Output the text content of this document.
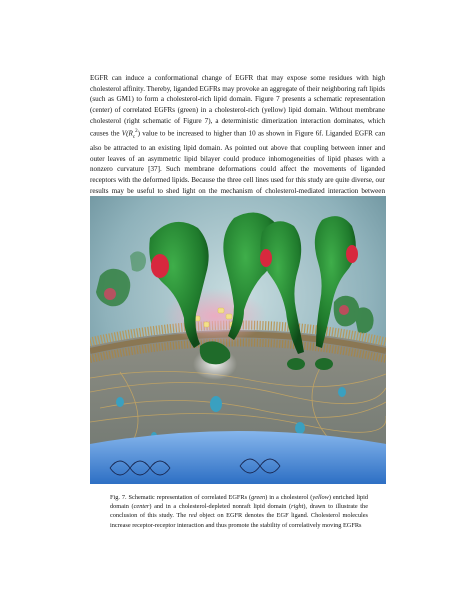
EGFR can induce a conformational change of EGFR that may expose some residues with high cholesterol affinity. Thereby, liganded EGFRs may provoke an aggregate of their neighboring raft lipids (such as GM1) to form a cholesterol-rich lipid domain. Figure 7 presents a schematic representation (center) of correlated EGFRs (green) in a cholesterol-rich (yellow) lipid domain. Without membrane cholesterol (right schematic of Figure 7), a deterministic dimerization interaction dominates, which causes the $V(R_c^2)$ value to be increased to higher than 10 as shown in Figure 6f. Liganded EGFR can also be attracted to an existing lipid domain. As pointed out above that coupling between inner and outer leaves of an asymmetric lipid bilayer could produce inhomogeneities of lipid phases with a nonzero curvature [37]. Such membrane deformations could affect the movements of liganded receptors with the deformed lipids. Because the three cell lines used for this study are quite diverse, our results may be useful to shed light on the mechanism of cholesterol-mediated interaction between

Fig. 7. Schematic representation of correlated EGFRs (green) in a cholesterol (yellow) enriched lipid domain (center) and in a cholesterol-depleted nonraft lipid domain (right), drawn to illustrate the conclusion of this study. The red object on EGFR denotes the EGF ligand. Cholesterol molecules increase receptor-receptor interaction and thus promote the stability of correlatively moving EGFRs
